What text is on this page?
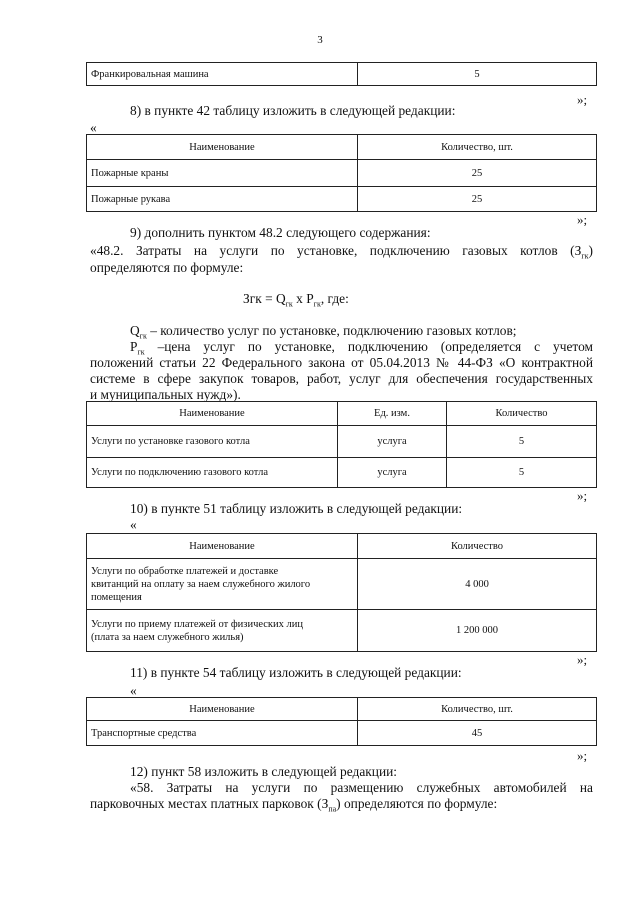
3
Франкировальная машина	5
»;
8) в пункте 42 таблицу изложить в следующей редакции:
«
Наименование	Количество, шт.
Пожарные краны	25
Пожарные рукава	25
»;
9) дополнить пунктом 48.2 следующего содержания:
«48.2. Затраты на услуги по установке, подключению газовых котлов $(З_{гк})$
определяются по формуле:
Згк = $Q_{гк}$ x $P_{гк}$, где:
$Q_{гк}$ – количество услуг по установке, подключению газовых котлов;
$P_{гк}$ –цена услуг по установке, подключению (определяется с учетом
положений статьи 22 Федерального закона от 05.04.2013 № 44-ФЗ «О контрактной
системе в сфере закупок товаров, работ, услуг для обеспечения государственных
и муниципальных нужд»).
Наименование	Ед. изм.	Количество
Услуги по установке газового котла	услуга	5
Услуги по подключению газового котла	услуга	5
»;
10) в пункте 51 таблицу изложить в следующей редакции:
«
Наименование	Количество

Услуги по обработке платежей и доставке
квитанций на оплату за наем служебного жилого
помещения	4 000

Услуги по приему платежей от физических лиц
(плата за наем служебного жилья)	1 200 000
»;
11) в пункте 54 таблицу изложить в следующей редакции:
«
Наименование	Количество, шт.
Транспортные средства	45
»;
12) пункт 58 изложить в следующей редакции:
«58. Затраты на услуги по размещению служебных автомобилей на
парковочных местах платных парковок $(З_{па})$ определяются по формуле:
